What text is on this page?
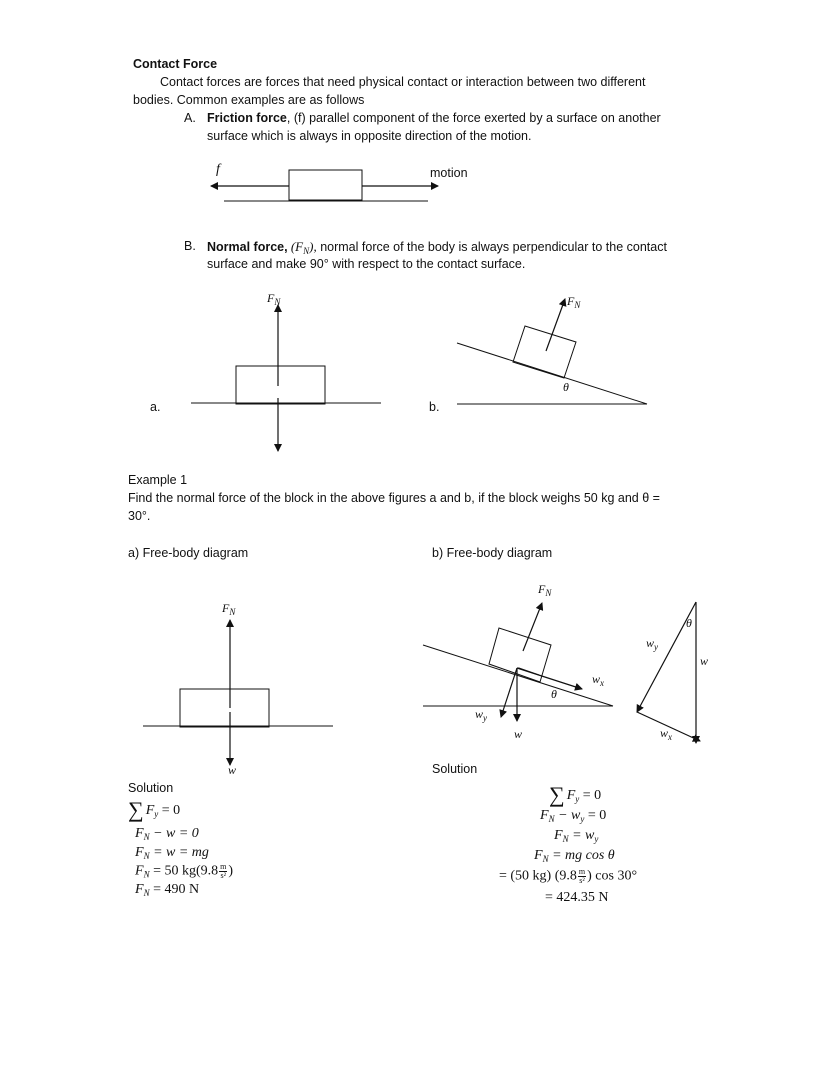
Contact Force
Contact forces are forces that need physical contact or interaction between two different
bodies. Common examples are as follows
A. Friction force, (f) parallel component of the force exerted by a surface on another
surface which is always in opposite direction of the motion.
f	motion
B. Normal force, $(F_N)$, normal force of the body is always perpendicular to the contact
surface and make 90° with respect to the contact surface.
$F_N$	$F_N$
θ
a.	b.
Example 1
Find the normal force of the block in the above figures a and b, if the block weighs 50 kg and θ =
30°.
a) Free-body diagram	b) Free-body diagram
$F_N$
w
$F_N$
$w_x$
θ
$w_y$
w
θ
$w_y$
w
$w_x$
Solution
∑ $F_y = 0$
$F_N - w = 0$
$F_N = w$ = mg
$F_N = 50$ $kg(9.8 \frac{m}{\text{s²}}$ )
$F_N = 490$ N
Solution
∑ $F_y = 0$
$F_N - w_y = 0$
$F_N = w_y$
$F_N$ = mg cos θ
= (50 kg) ($9.8 \frac{m}{\text{s²}}$ ) cos 30°
= 424.35 N
